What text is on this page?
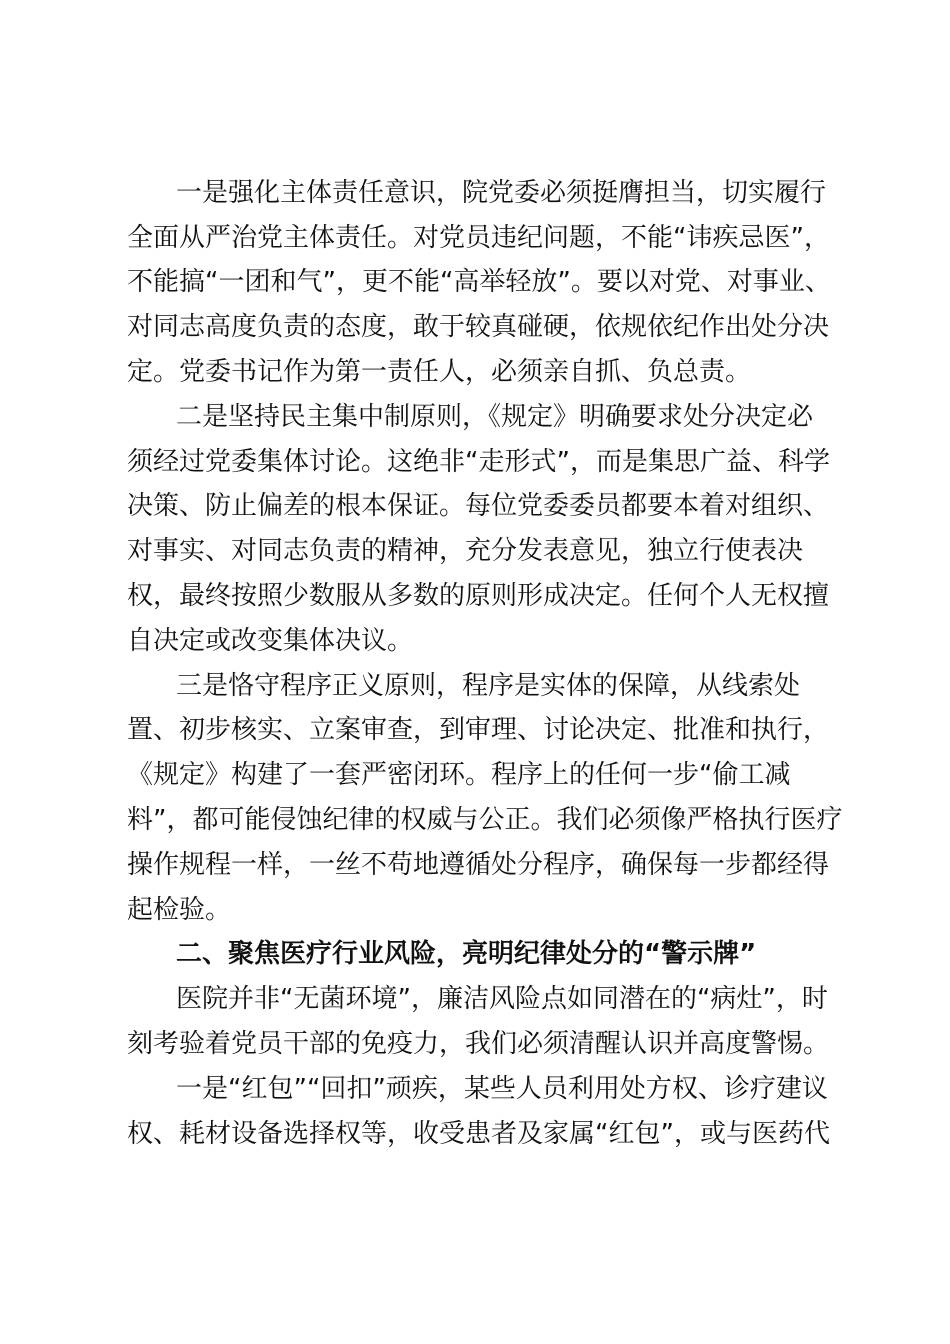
一是强化主体责任意识，院党委必须挺膺担当，切实履行
全面从严治党主体责任。对党员违纪问题，不能“讳疾忌医”，
不能搞“一团和气”，更不能“高举轻放”。要以对党、对事业、
对同志高度负责的态度，敢于较真碰硬，依规依纪作出处分决
定。党委书记作为第一责任人，必须亲自抓、负总责。
二是坚持民主集中制原则，《规定》明确要求处分决定必
须经过党委集体讨论。这绝非“走形式”，而是集思广益、科学
决策、防止偏差的根本保证。每位党委委员都要本着对组织、
对事实、对同志负责的精神，充分发表意见，独立行使表决
权，最终按照少数服从多数的原则形成决定。任何个人无权擅
自决定或改变集体决议。
三是恪守程序正义原则，程序是实体的保障，从线索处
置、初步核实、立案审查，到审理、讨论决定、批准和执行，
《规定》构建了一套严密闭环。程序上的任何一步“偷工减
料”，都可能侵蚀纪律的权威与公正。我们必须像严格执行医疗
操作规程一样，一丝不苟地遵循处分程序，确保每一步都经得
起检验。
二、聚焦医疗行业风险，亮明纪律处分的“警示牌”
医院并非“无菌环境”，廉洁风险点如同潜在的“病灶”，时
刻考验着党员干部的免疫力，我们必须清醒认识并高度警惕。
一是“红包”“回扣”顽疾，某些人员利用处方权、诊疗建议
权、耗材设备选择权等，收受患者及家属“红包”，或与医药代
